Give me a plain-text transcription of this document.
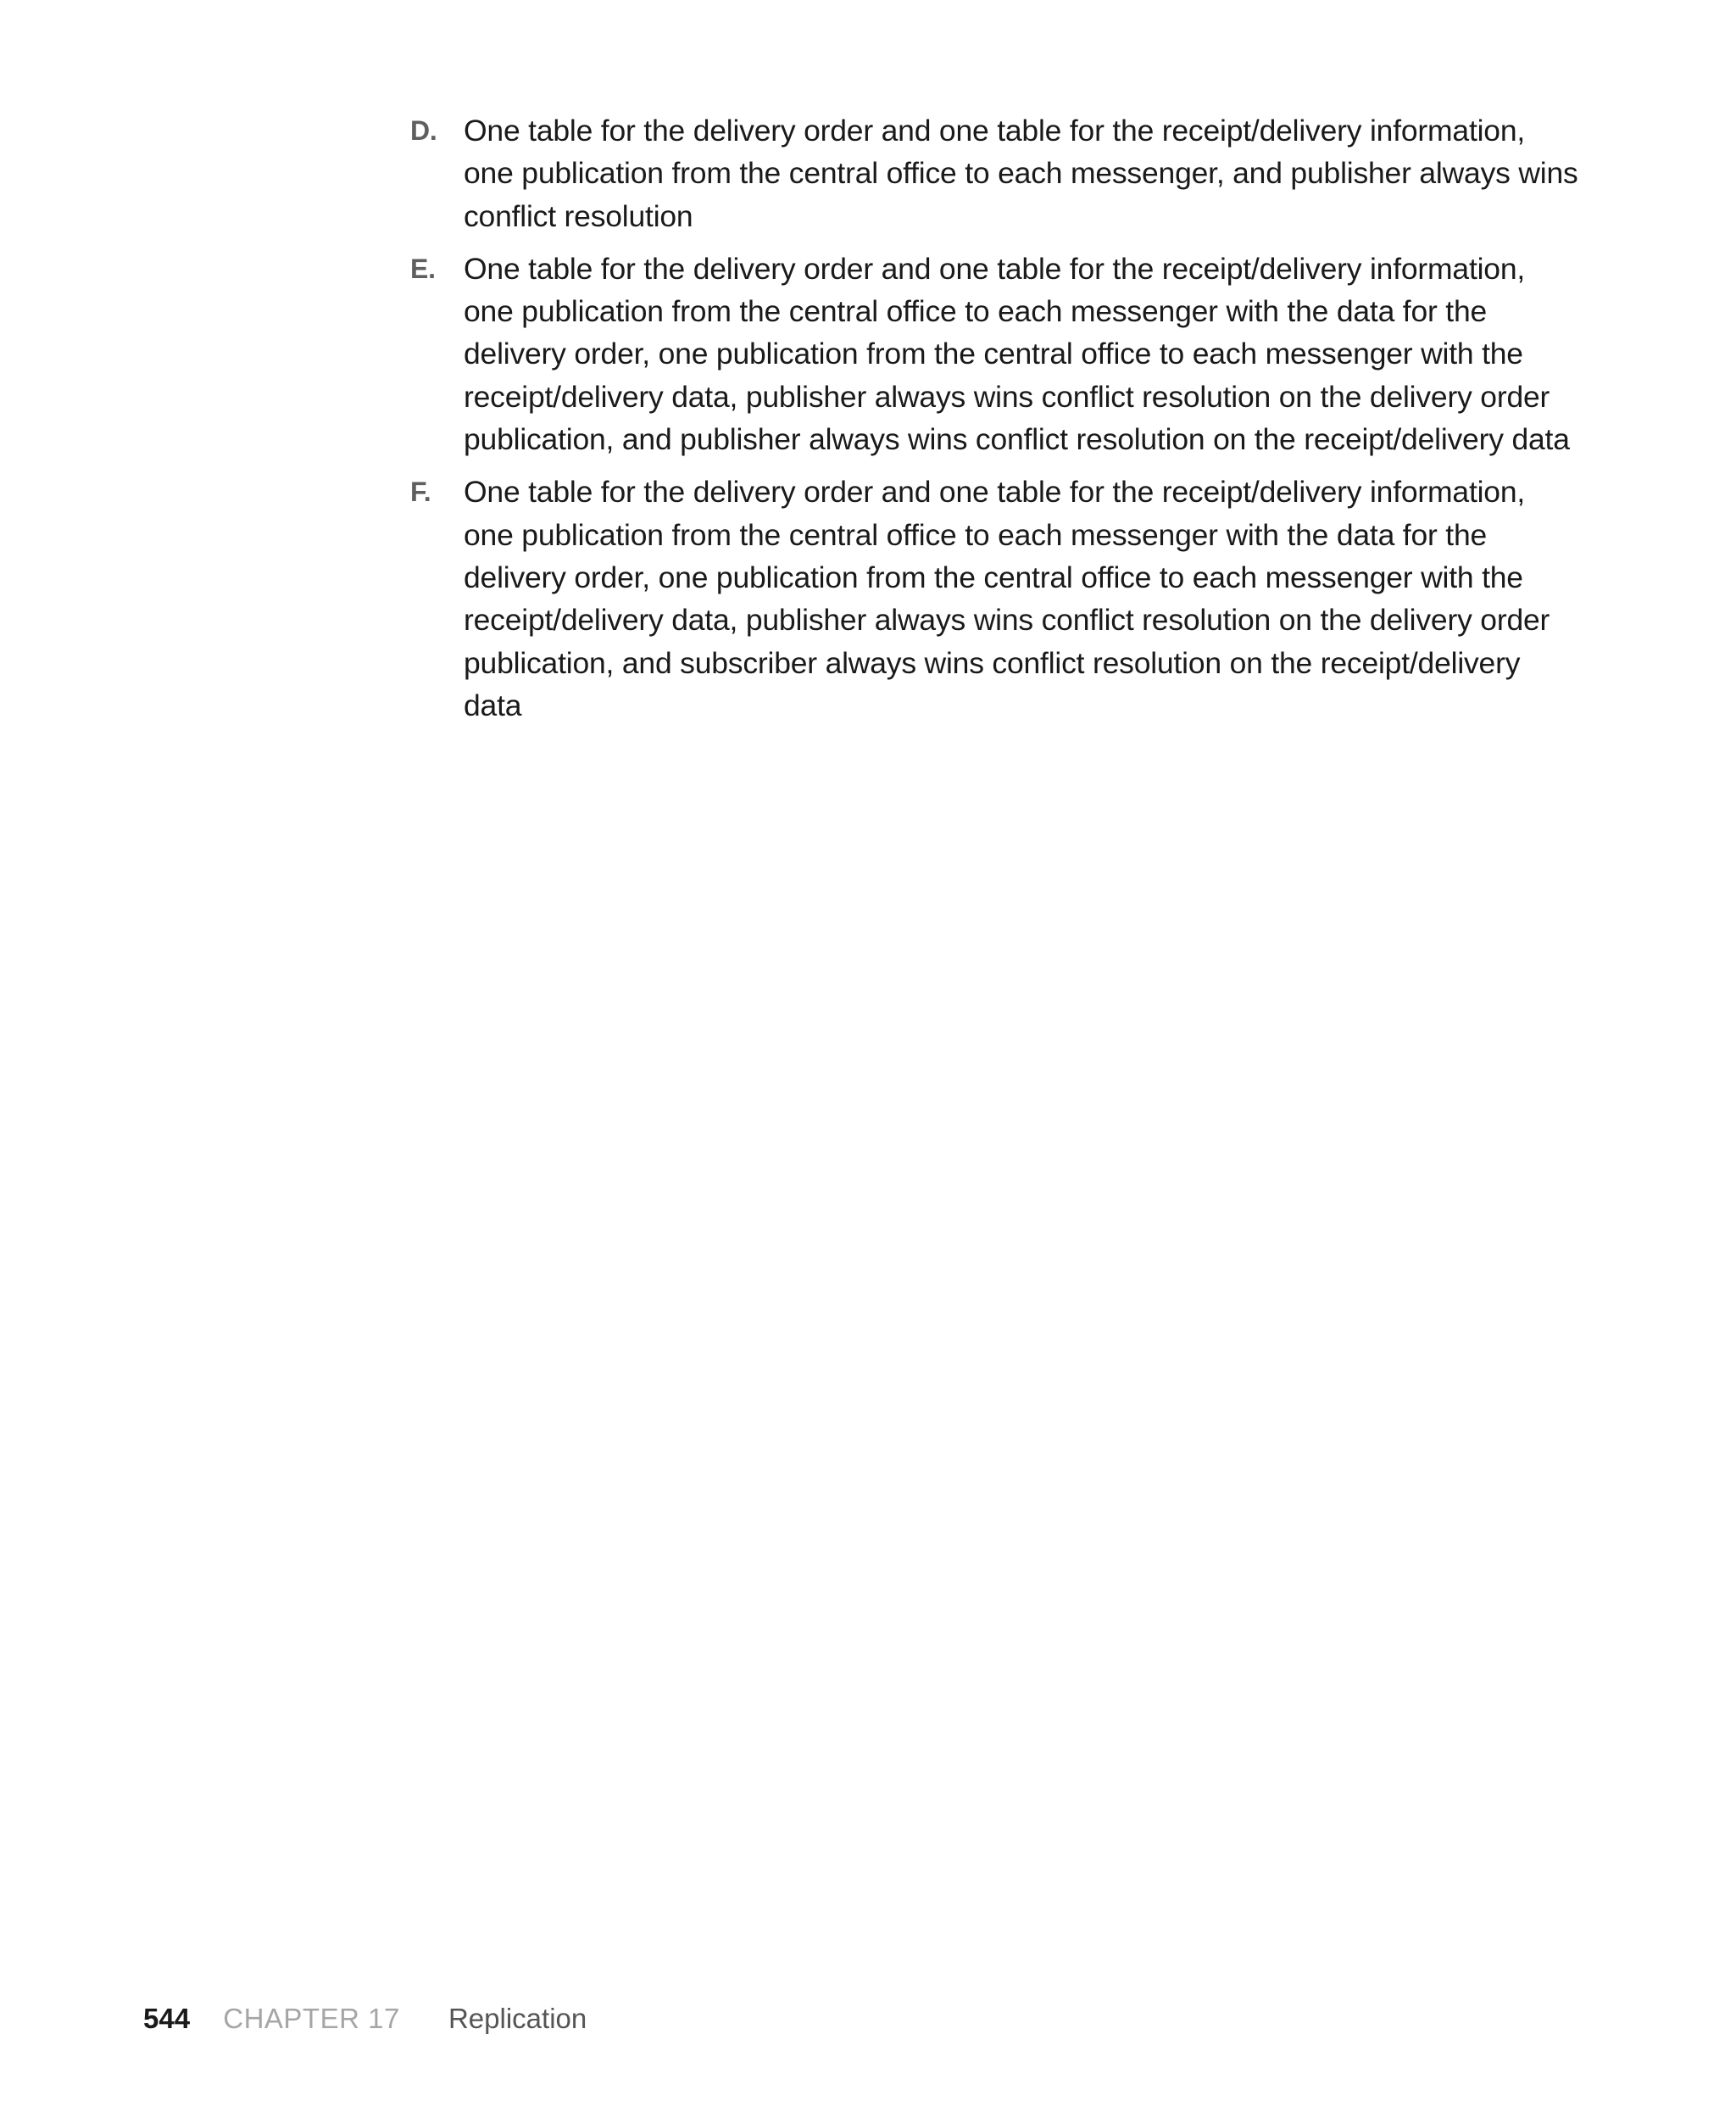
D. One table for the delivery order and one table for the receipt/delivery information, one publication from the central office to each messenger, and publisher always wins conflict resolution
E. One table for the delivery order and one table for the receipt/delivery information, one publication from the central office to each messenger with the data for the delivery order, one publication from the central office to each messenger with the receipt/delivery data, publisher always wins conflict resolution on the delivery order publication, and publisher always wins conflict resolution on the receipt/delivery data
F. One table for the delivery order and one table for the receipt/delivery information, one publication from the central office to each messenger with the data for the delivery order, one publication from the central office to each messenger with the receipt/delivery data, publisher always wins conflict resolution on the delivery order publication, and subscriber always wins conflict resolution on the receipt/delivery data
544 CHAPTER 17 Replication
